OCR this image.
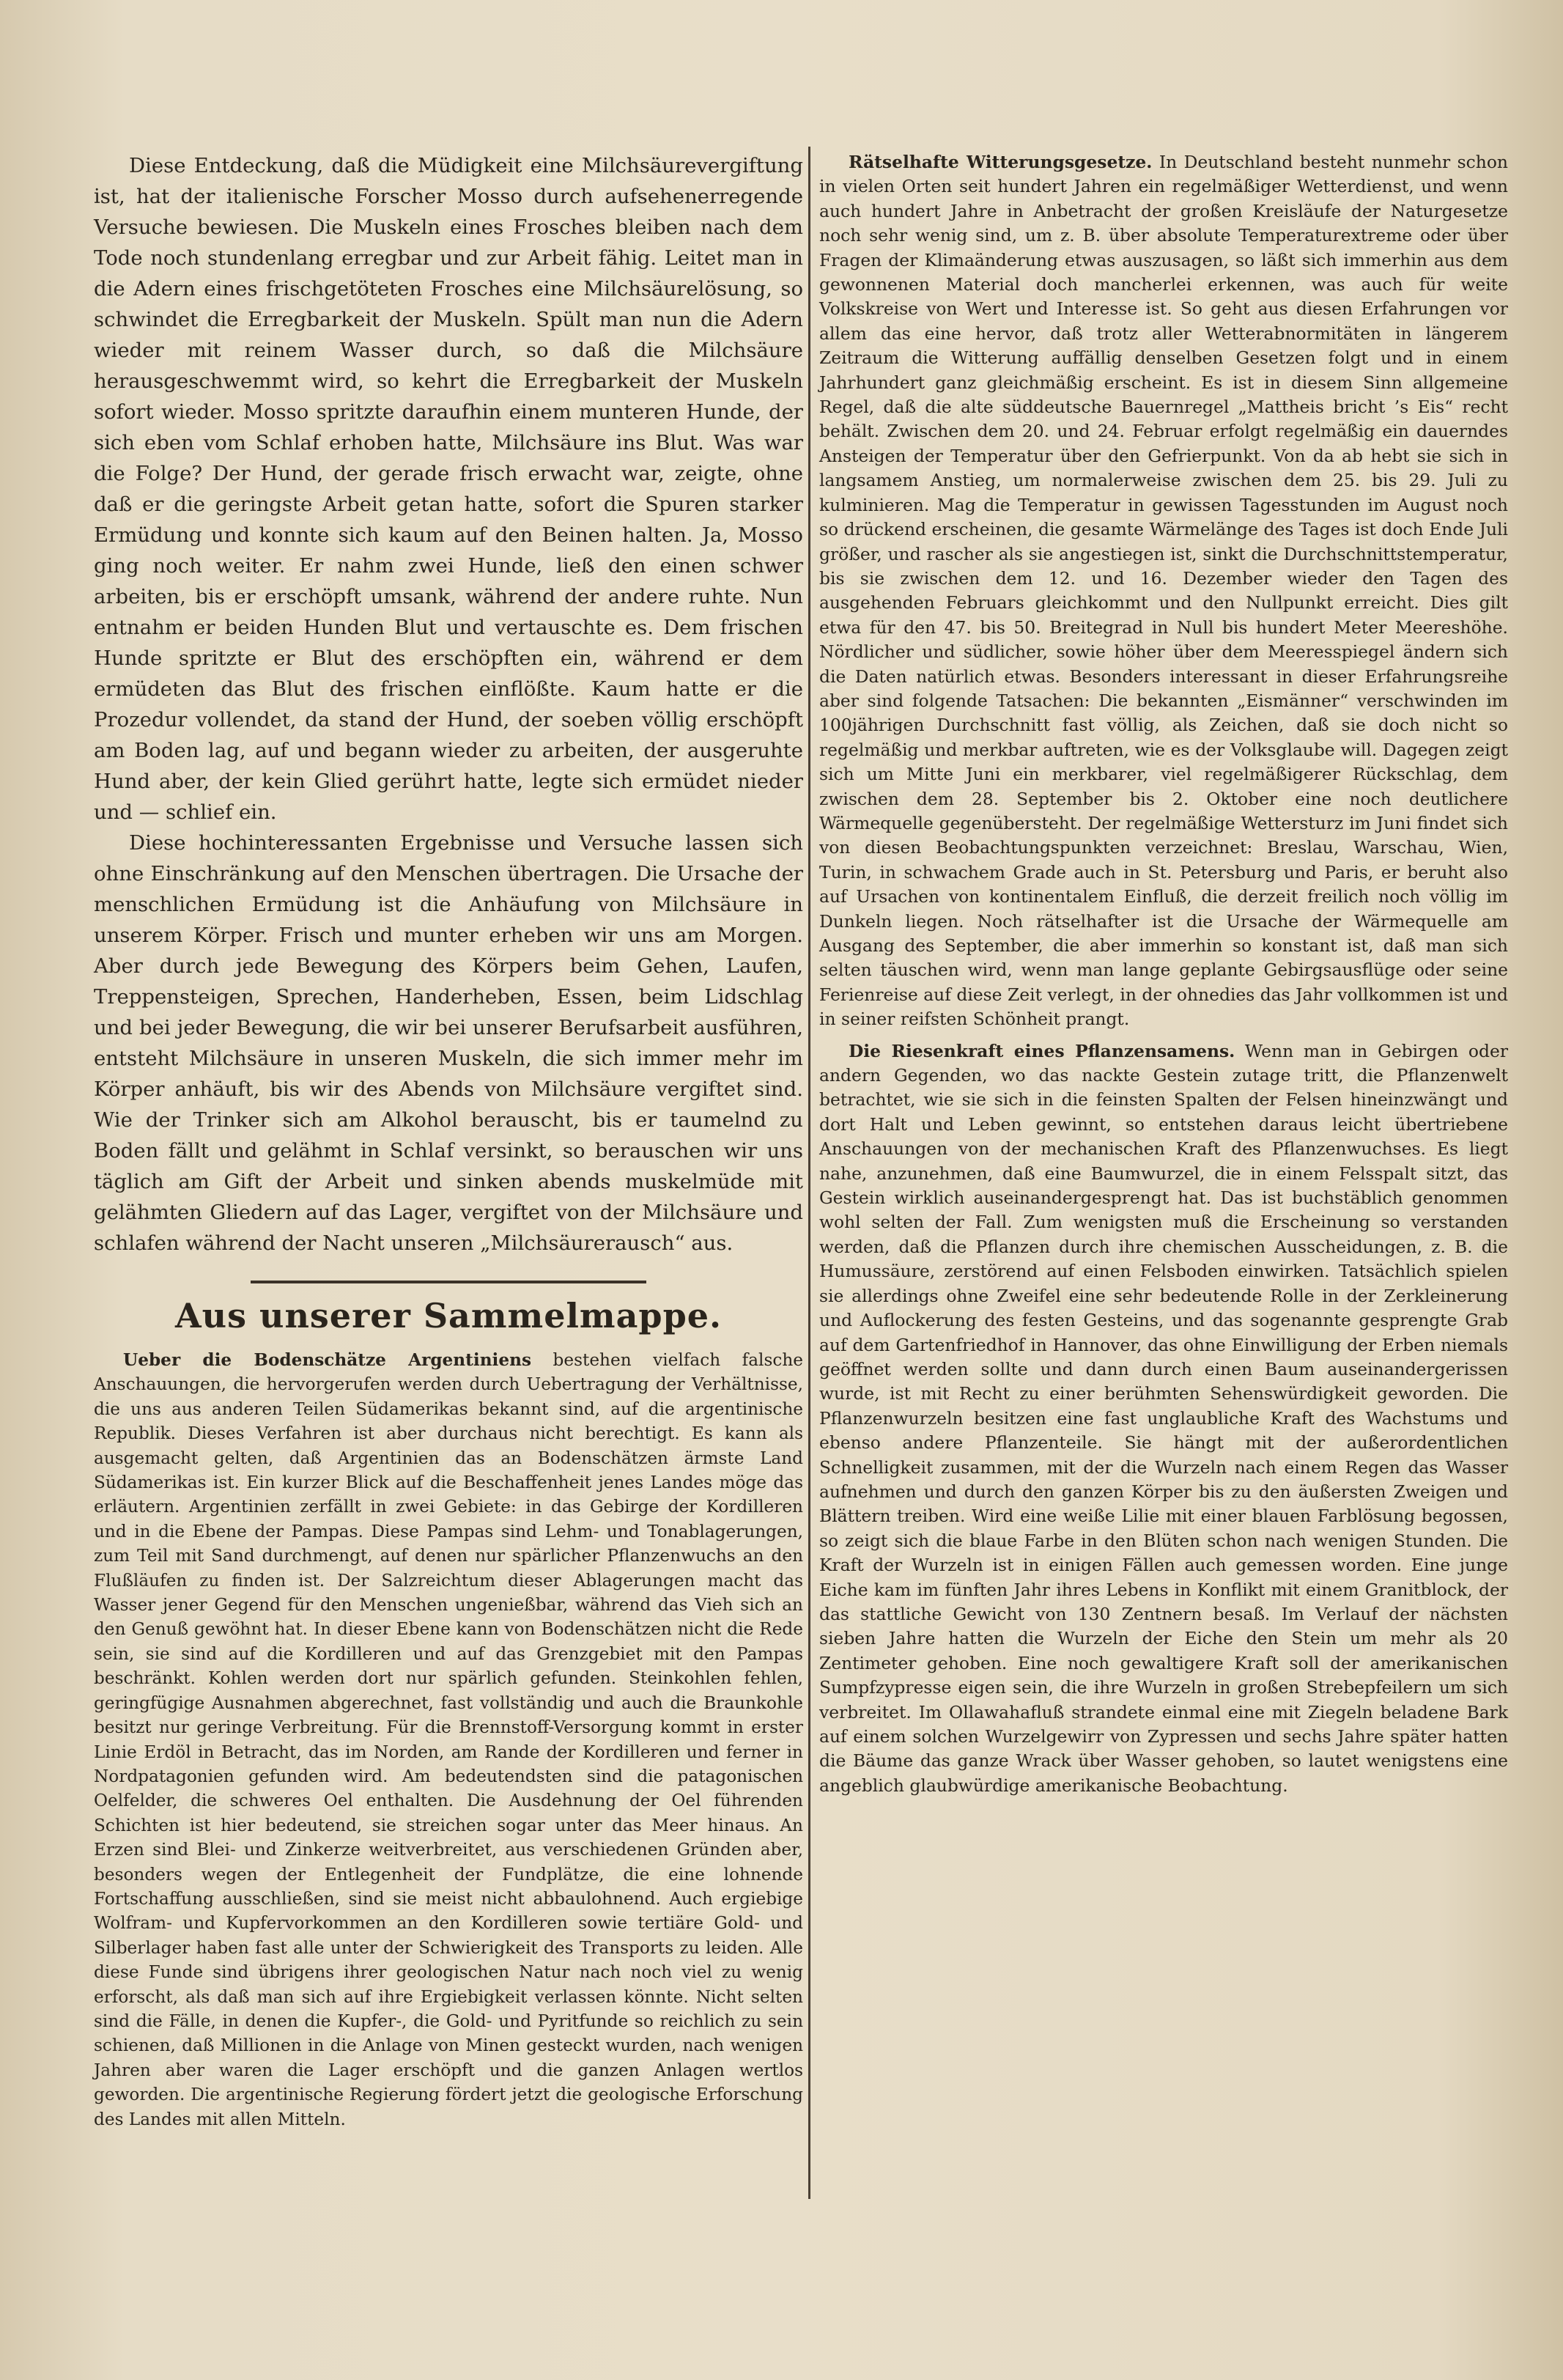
Diese Entdeckung, daß die Müdigkeit eine Milchsäurevergiftung ist, hat der italienische Forscher Mosso durch aufsehenerregende Versuche bewiesen. Die Muskeln eines Frosches bleiben nach dem Tode noch stundenlang erregbar und zur Arbeit fähig. Leitet man in die Adern eines frischgetöteten Frosches eine Milchsäurelösung, so schwindet die Erregbarkeit der Muskeln. Spült man nun die Adern wieder mit reinem Wasser durch, so daß die Milchsäure herausgeschwemmt wird, so kehrt die Erregbarkeit der Muskeln sofort wieder. Mosso spritzte daraufhin einem munteren Hunde, der sich eben vom Schlaf erhoben hatte, Milchsäure ins Blut. Was war die Folge? Der Hund, der gerade frisch erwacht war, zeigte, ohne daß er die geringste Arbeit getan hatte, sofort die Spuren starker Ermüdung und konnte sich kaum auf den Beinen halten. Ja, Mosso ging noch weiter. Er nahm zwei Hunde, ließ den einen schwer arbeiten, bis er erschöpft umsank, während der andere ruhte. Nun entnahm er beiden Hunden Blut und vertauschte es. Dem frischen Hunde spritzte er Blut des erschöpften ein, während er dem ermüdeten das Blut des frischen einflößte. Kaum hatte er die Prozedur vollendet, da stand der Hund, der soeben völlig erschöpft am Boden lag, auf und begann wieder zu arbeiten, der ausgeruhte Hund aber, der kein Glied gerührt hatte, legte sich ermüdet nieder und — schlief ein.

Diese hochinteressanten Ergebnisse und Versuche lassen sich ohne Einschränkung auf den Menschen übertragen. Die Ursache der menschlichen Ermüdung ist die Anhäufung von Milchsäure in unserem Körper. Frisch und munter erheben wir uns am Morgen. Aber durch jede Bewegung des Körpers beim Gehen, Laufen, Treppensteigen, Sprechen, Handerheben, Essen, beim Lidschlag und bei jeder Bewegung, die wir bei unserer Berufsarbeit ausführen, entsteht Milchsäure in unseren Muskeln, die sich immer mehr im Körper anhäuft, bis wir des Abends von Milchsäure vergiftet sind. Wie der Trinker sich am Alkohol berauscht, bis er taumelnd zu Boden fällt und gelähmt in Schlaf versinkt, so berauschen wir uns täglich am Gift der Arbeit und sinken abends muskelmüde mit gelähmten Gliedern auf das Lager, vergiftet von der Milchsäure und schlafen während der Nacht unseren „Milchsäurerausch“ aus.

Aus unserer Sammelmappe.

Ueber die Bodenschätze Argentiniens bestehen vielfach falsche Anschauungen, die hervorgerufen werden durch Uebertragung der Verhältnisse, die uns aus anderen Teilen Südamerikas bekannt sind, auf die argentinische Republik. Dieses Verfahren ist aber durchaus nicht berechtigt. Es kann als ausgemacht gelten, daß Argentinien das an Bodenschätzen ärmste Land Südamerikas ist. Ein kurzer Blick auf die Beschaffenheit jenes Landes möge das erläutern. Argentinien zerfällt in zwei Gebiete: in das Gebirge der Kordilleren und in die Ebene der Pampas. Diese Pampas sind Lehm- und Tonablagerungen, zum Teil mit Sand durchmengt, auf denen nur spärlicher Pflanzenwuchs an den Flußläufen zu finden ist. Der Salzreichtum dieser Ablagerungen macht das Wasser jener Gegend für den Menschen ungenießbar, während das Vieh sich an den Genuß gewöhnt hat. In dieser Ebene kann von Bodenschätzen nicht die Rede sein, sie sind auf die Kordilleren und auf das Grenzgebiet mit den Pampas beschränkt. Kohlen werden dort nur spärlich gefunden. Steinkohlen fehlen, geringfügige Ausnahmen abgerechnet, fast vollständig und auch die Braunkohle besitzt nur geringe Verbreitung. Für die Brennstoff-Versorgung kommt in erster Linie Erdöl in Betracht, das im Norden, am Rande der Kordilleren und ferner in Nordpatagonien gefunden wird. Am bedeutendsten sind die patagonischen Oelfelder, die schweres Oel enthalten. Die Ausdehnung der Oel führenden Schichten ist hier bedeutend, sie streichen sogar unter das Meer hinaus. An Erzen sind Blei- und Zinkerze weitverbreitet, aus verschiedenen Gründen aber, besonders wegen der Entlegenheit der Fundplätze, die eine lohnende Fortschaffung ausschließen, sind sie meist nicht abbaulohnend. Auch ergiebige Wolfram- und Kupfervorkommen an den Kordilleren sowie tertiäre Gold- und Silberlager haben fast alle unter der Schwierigkeit des Transports zu leiden. Alle diese Funde sind übrigens ihrer geologischen Natur nach noch viel zu wenig erforscht, als daß man sich auf ihre Ergiebigkeit verlassen könnte. Nicht selten sind die Fälle, in denen die Kupfer-, die Gold- und Pyritfunde so reichlich zu sein schienen, daß Millionen in die Anlage von Minen gesteckt wurden, nach wenigen Jahren aber waren die Lager erschöpft und die ganzen Anlagen wertlos geworden. Die argentinische Regierung fördert jetzt die geologische Erforschung des Landes mit allen Mitteln.

Rätselhafte Witterungsgesetze. In Deutschland besteht nunmehr schon in vielen Orten seit hundert Jahren ein regelmäßiger Wetterdienst, und wenn auch hundert Jahre in Anbetracht der großen Kreisläufe der Naturgesetze noch sehr wenig sind, um z. B. über absolute Temperaturextreme oder über Fragen der Klimaänderung etwas auszusagen, so läßt sich immerhin aus dem gewonnenen Material doch mancherlei erkennen, was auch für weite Volkskreise von Wert und Interesse ist. So geht aus diesen Erfahrungen vor allem das eine hervor, daß trotz aller Wetterabnormitäten in längerem Zeitraum die Witterung auffällig denselben Gesetzen folgt und in einem Jahrhundert ganz gleichmäßig erscheint. Es ist in diesem Sinn allgemeine Regel, daß die alte süddeutsche Bauernregel „Mattheis bricht ’s Eis“ recht behält. Zwischen dem 20. und 24. Februar erfolgt regelmäßig ein dauerndes Ansteigen der Temperatur über den Gefrierpunkt. Von da ab hebt sie sich in langsamem Anstieg, um normalerweise zwischen dem 25. bis 29. Juli zu kulminieren. Mag die Temperatur in gewissen Tagesstunden im August noch so drückend erscheinen, die gesamte Wärmelänge des Tages ist doch Ende Juli größer, und rascher als sie angestiegen ist, sinkt die Durchschnittstemperatur, bis sie zwischen dem 12. und 16. Dezember wieder den Tagen des ausgehenden Februars gleichkommt und den Nullpunkt erreicht. Dies gilt etwa für den 47. bis 50. Breitegrad in Null bis hundert Meter Meereshöhe. Nördlicher und südlicher, sowie höher über dem Meeresspiegel ändern sich die Daten natürlich etwas. Besonders interessant in dieser Erfahrungsreihe aber sind folgende Tatsachen: Die bekannten „Eismänner“ verschwinden im 100jährigen Durchschnitt fast völlig, als Zeichen, daß sie doch nicht so regelmäßig und merkbar auftreten, wie es der Volksglaube will. Dagegen zeigt sich um Mitte Juni ein merkbarer, viel regelmäßigerer Rückschlag, dem zwischen dem 28. September bis 2. Oktober eine noch deutlichere Wärmequelle gegenübersteht. Der regelmäßige Wettersturz im Juni findet sich von diesen Beobachtungspunkten verzeichnet: Breslau, Warschau, Wien, Turin, in schwachem Grade auch in St. Petersburg und Paris, er beruht also auf Ursachen von kontinentalem Einfluß, die derzeit freilich noch völlig im Dunkeln liegen. Noch rätselhafter ist die Ursache der Wärmequelle am Ausgang des September, die aber immerhin so konstant ist, daß man sich selten täuschen wird, wenn man lange geplante Gebirgsausflüge oder seine Ferienreise auf diese Zeit verlegt, in der ohnedies das Jahr vollkommen ist und in seiner reifsten Schönheit prangt.

Die Riesenkraft eines Pflanzensamens. Wenn man in Gebirgen oder andern Gegenden, wo das nackte Gestein zutage tritt, die Pflanzenwelt betrachtet, wie sie sich in die feinsten Spalten der Felsen hineinzwängt und dort Halt und Leben gewinnt, so entstehen daraus leicht übertriebene Anschauungen von der mechanischen Kraft des Pflanzenwuchses. Es liegt nahe, anzunehmen, daß eine Baumwurzel, die in einem Felsspalt sitzt, das Gestein wirklich auseinandergesprengt hat. Das ist buchstäblich genommen wohl selten der Fall. Zum wenigsten muß die Erscheinung so verstanden werden, daß die Pflanzen durch ihre chemischen Ausscheidungen, z. B. die Humussäure, zerstörend auf einen Felsboden einwirken. Tatsächlich spielen sie allerdings ohne Zweifel eine sehr bedeutende Rolle in der Zerkleinerung und Auflockerung des festen Gesteins, und das sogenannte gesprengte Grab auf dem Gartenfriedhof in Hannover, das ohne Einwilligung der Erben niemals geöffnet werden sollte und dann durch einen Baum auseinandergerissen wurde, ist mit Recht zu einer berühmten Sehenswürdigkeit geworden. Die Pflanzenwurzeln besitzen eine fast unglaubliche Kraft des Wachstums und ebenso andere Pflanzenteile. Sie hängt mit der außerordentlichen Schnelligkeit zusammen, mit der die Wurzeln nach einem Regen das Wasser aufnehmen und durch den ganzen Körper bis zu den äußersten Zweigen und Blättern treiben. Wird eine weiße Lilie mit einer blauen Farblösung begossen, so zeigt sich die blaue Farbe in den Blüten schon nach wenigen Stunden. Die Kraft der Wurzeln ist in einigen Fällen auch gemessen worden. Eine junge Eiche kam im fünften Jahr ihres Lebens in Konflikt mit einem Granitblock, der das stattliche Gewicht von 130 Zentnern besaß. Im Verlauf der nächsten sieben Jahre hatten die Wurzeln der Eiche den Stein um mehr als 20 Zentimeter gehoben. Eine noch gewaltigere Kraft soll der amerikanischen Sumpfzypresse eigen sein, die ihre Wurzeln in großen Strebepfeilern um sich verbreitet. Im Ollawahafluß strandete einmal eine mit Ziegeln beladene Bark auf einem solchen Wurzelgewirr von Zypressen und sechs Jahre später hatten die Bäume das ganze Wrack über Wasser gehoben, so lautet wenigstens eine angeblich glaubwürdige amerikanische Beobachtung.
